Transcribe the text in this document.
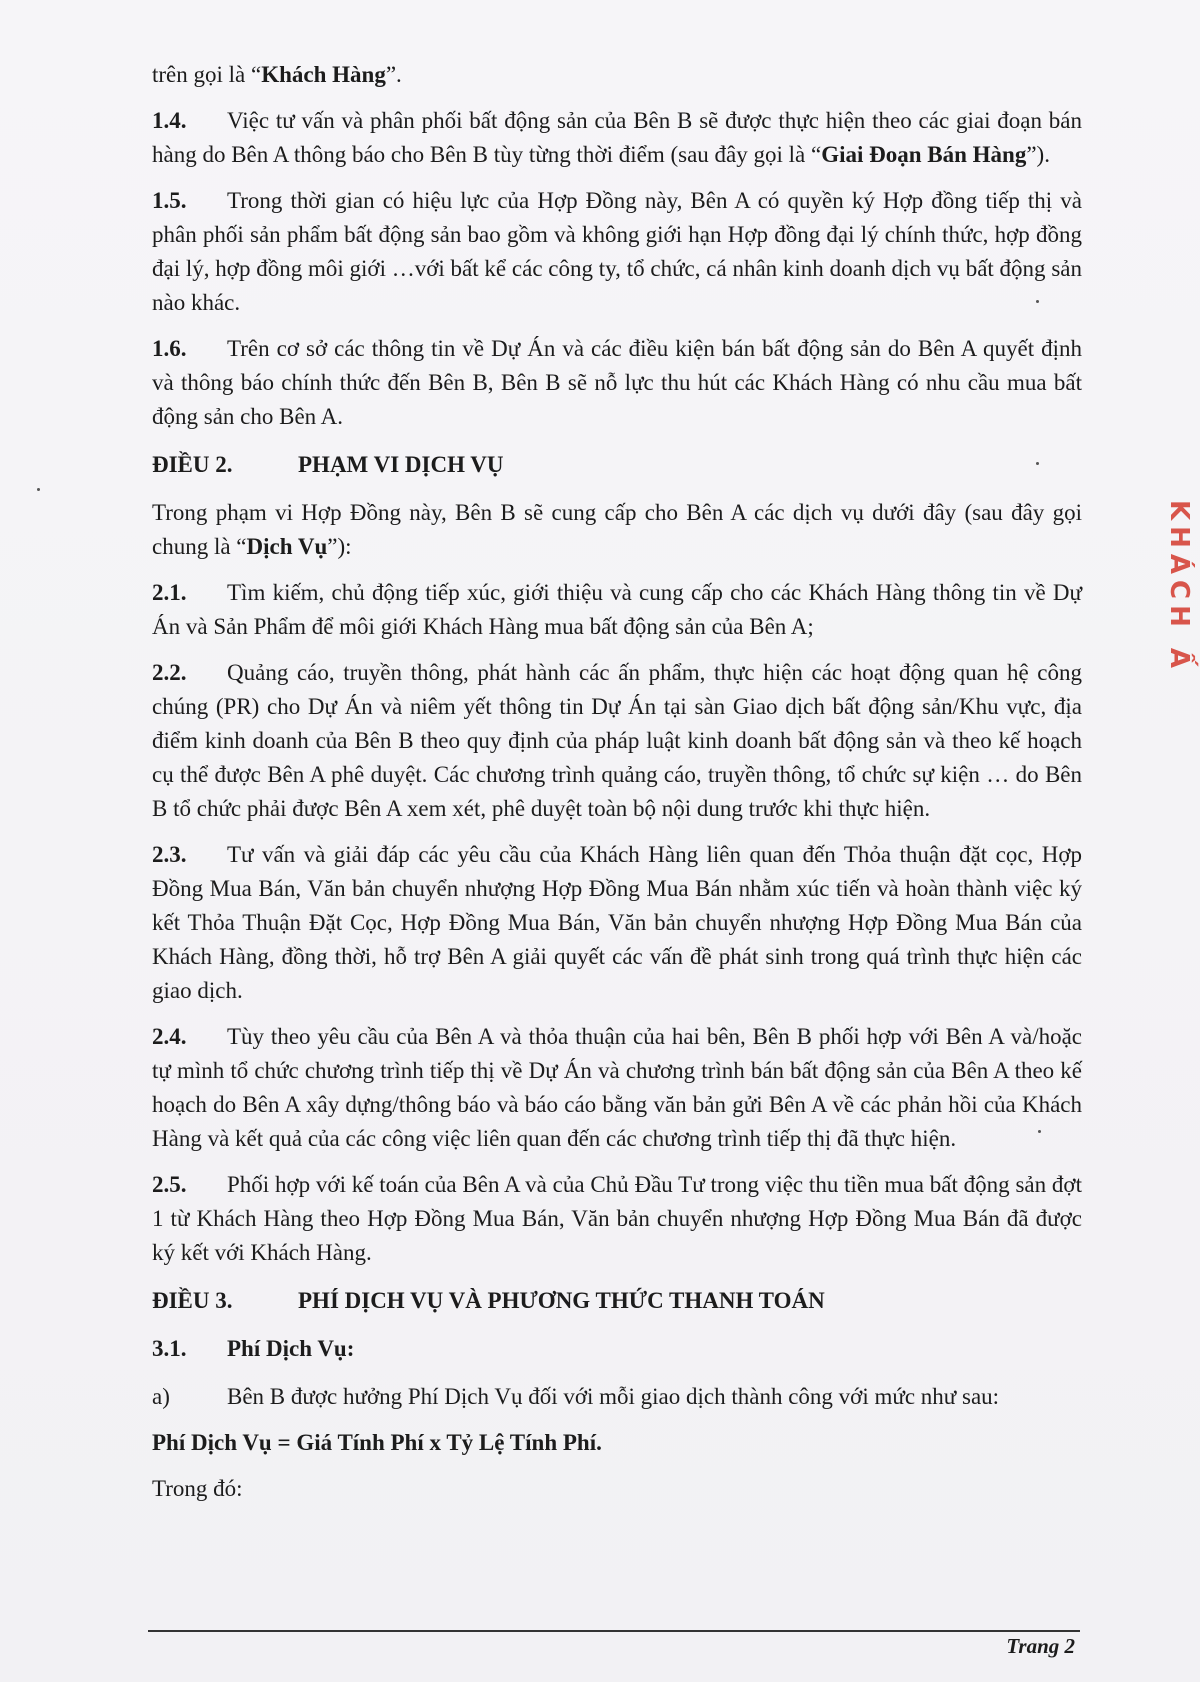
trên gọi là “Khách Hàng”.

1.4. Việc tư vấn và phân phối bất động sản của Bên B sẽ được thực hiện theo các giai đoạn bán hàng do Bên A thông báo cho Bên B tùy từng thời điểm (sau đây gọi là “Giai Đoạn Bán Hàng”).

1.5. Trong thời gian có hiệu lực của Hợp Đồng này, Bên A có quyền ký Hợp đồng tiếp thị và phân phối sản phẩm bất động sản bao gồm và không giới hạn Hợp đồng đại lý chính thức, hợp đồng đại lý, hợp đồng môi giới …với bất kể các công ty, tổ chức, cá nhân kinh doanh dịch vụ bất động sản nào khác.

1.6. Trên cơ sở các thông tin về Dự Án và các điều kiện bán bất động sản do Bên A quyết định và thông báo chính thức đến Bên B, Bên B sẽ nỗ lực thu hút các Khách Hàng có nhu cầu mua bất động sản cho Bên A.

ĐIỀU 2.	PHẠM VI DỊCH VỤ

Trong phạm vi Hợp Đồng này, Bên B sẽ cung cấp cho Bên A các dịch vụ dưới đây (sau đây gọi chung là “Dịch Vụ”):

2.1. Tìm kiếm, chủ động tiếp xúc, giới thiệu và cung cấp cho các Khách Hàng thông tin về Dự Án và Sản Phẩm để môi giới Khách Hàng mua bất động sản của Bên A;

2.2. Quảng cáo, truyền thông, phát hành các ấn phẩm, thực hiện các hoạt động quan hệ công chúng (PR) cho Dự Án và niêm yết thông tin Dự Án tại sàn Giao dịch bất động sản/Khu vực, địa điểm kinh doanh của Bên B theo quy định của pháp luật kinh doanh bất động sản và theo kế hoạch cụ thể được Bên A phê duyệt. Các chương trình quảng cáo, truyền thông, tổ chức sự kiện … do Bên B tổ chức phải được Bên A xem xét, phê duyệt toàn bộ nội dung trước khi thực hiện.

2.3. Tư vấn và giải đáp các yêu cầu của Khách Hàng liên quan đến Thỏa thuận đặt cọc, Hợp Đồng Mua Bán, Văn bản chuyển nhượng Hợp Đồng Mua Bán nhằm xúc tiến và hoàn thành việc ký kết Thỏa Thuận Đặt Cọc, Hợp Đồng Mua Bán, Văn bản chuyển nhượng Hợp Đồng Mua Bán của Khách Hàng, đồng thời, hỗ trợ Bên A giải quyết các vấn đề phát sinh trong quá trình thực hiện các giao dịch.

2.4. Tùy theo yêu cầu của Bên A và thỏa thuận của hai bên, Bên B phối hợp với Bên A và/hoặc tự mình tổ chức chương trình tiếp thị về Dự Án và chương trình bán bất động sản của Bên A theo kế hoạch do Bên A xây dựng/thông báo và báo cáo bằng văn bản gửi Bên A về các phản hồi của Khách Hàng và kết quả của các công việc liên quan đến các chương trình tiếp thị đã thực hiện.

2.5. Phối hợp với kế toán của Bên A và của Chủ Đầu Tư trong việc thu tiền mua bất động sản đợt 1 từ Khách Hàng theo Hợp Đồng Mua Bán, Văn bản chuyển nhượng Hợp Đồng Mua Bán đã được ký kết với Khách Hàng.

ĐIỀU 3.	PHÍ DỊCH VỤ VÀ PHƯƠNG THỨC THANH TOÁN
3.1. Phí Dịch Vụ:

a) Bên B được hưởng Phí Dịch Vụ đối với mỗi giao dịch thành công với mức như sau:

Phí Dịch Vụ = Giá Tính Phí x Tỷ Lệ Tính Phí.

Trong đó:

Trang 2
KHÁCH Ấ
